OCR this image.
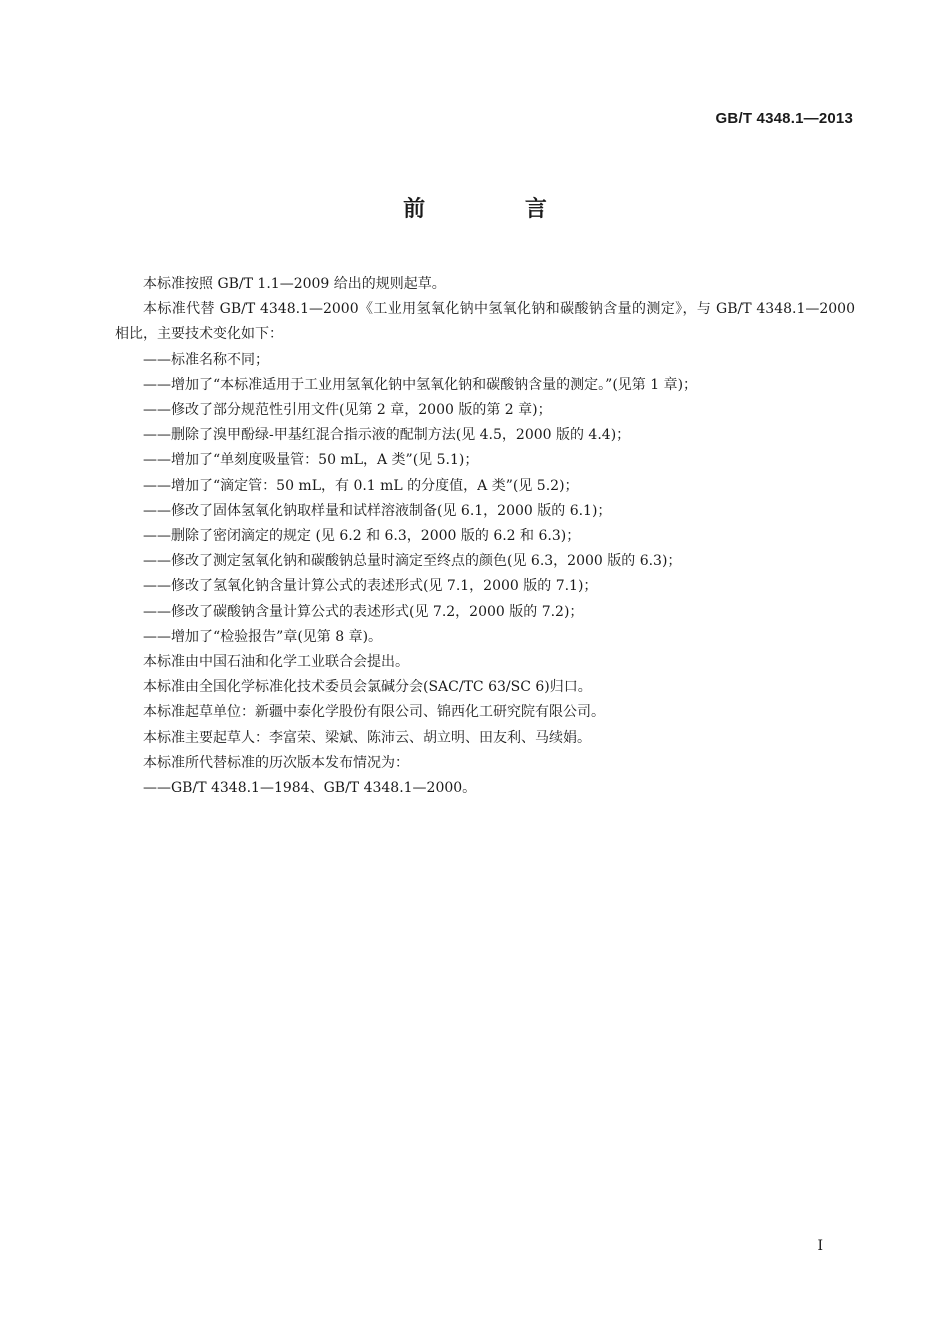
GB/T 4348.1—2013
前 言

本标准按照 GB/T 1.1—2009 给出的规则起草。

本标准代替 GB/T 4348.1—2000《工业用氢氧化钠中氢氧化钠和碳酸钠含量的测定》，与 GB/T 4348.1—2000 相比，主要技术变化如下：

——标准名称不同；

——增加了“本标准适用于工业用氢氧化钠中氢氧化钠和碳酸钠含量的测定。”(见第 1 章)；

——修改了部分规范性引用文件(见第 2 章，2000 版的第 2 章)；

——删除了溴甲酚绿-甲基红混合指示液的配制方法(见 4.5，2000 版的 4.4)；

——增加了“单刻度吸量管：50 mL，A 类”(见 5.1)；

——增加了“滴定管：50 mL，有 0.1 mL 的分度值，A 类”(见 5.2)；

——修改了固体氢氧化钠取样量和试样溶液制备(见 6.1，2000 版的 6.1)；

——删除了密闭滴定的规定 (见 6.2 和 6.3，2000 版的 6.2 和 6.3)；

——修改了测定氢氧化钠和碳酸钠总量时滴定至终点的颜色(见 6.3，2000 版的 6.3)；

——修改了氢氧化钠含量计算公式的表述形式(见 7.1，2000 版的 7.1)；

——修改了碳酸钠含量计算公式的表述形式(见 7.2，2000 版的 7.2)；

——增加了“检验报告”章(见第 8 章)。

本标准由中国石油和化学工业联合会提出。

本标准由全国化学标准化技术委员会氯碱分会(SAC/TC 63/SC 6)归口。

本标准起草单位：新疆中泰化学股份有限公司、锦西化工研究院有限公司。

本标准主要起草人：李富荣、梁斌、陈沛云、胡立明、田友利、马续娟。

本标准所代替标准的历次版本发布情况为：

——GB/T 4348.1—1984、GB/T 4348.1—2000。

I
